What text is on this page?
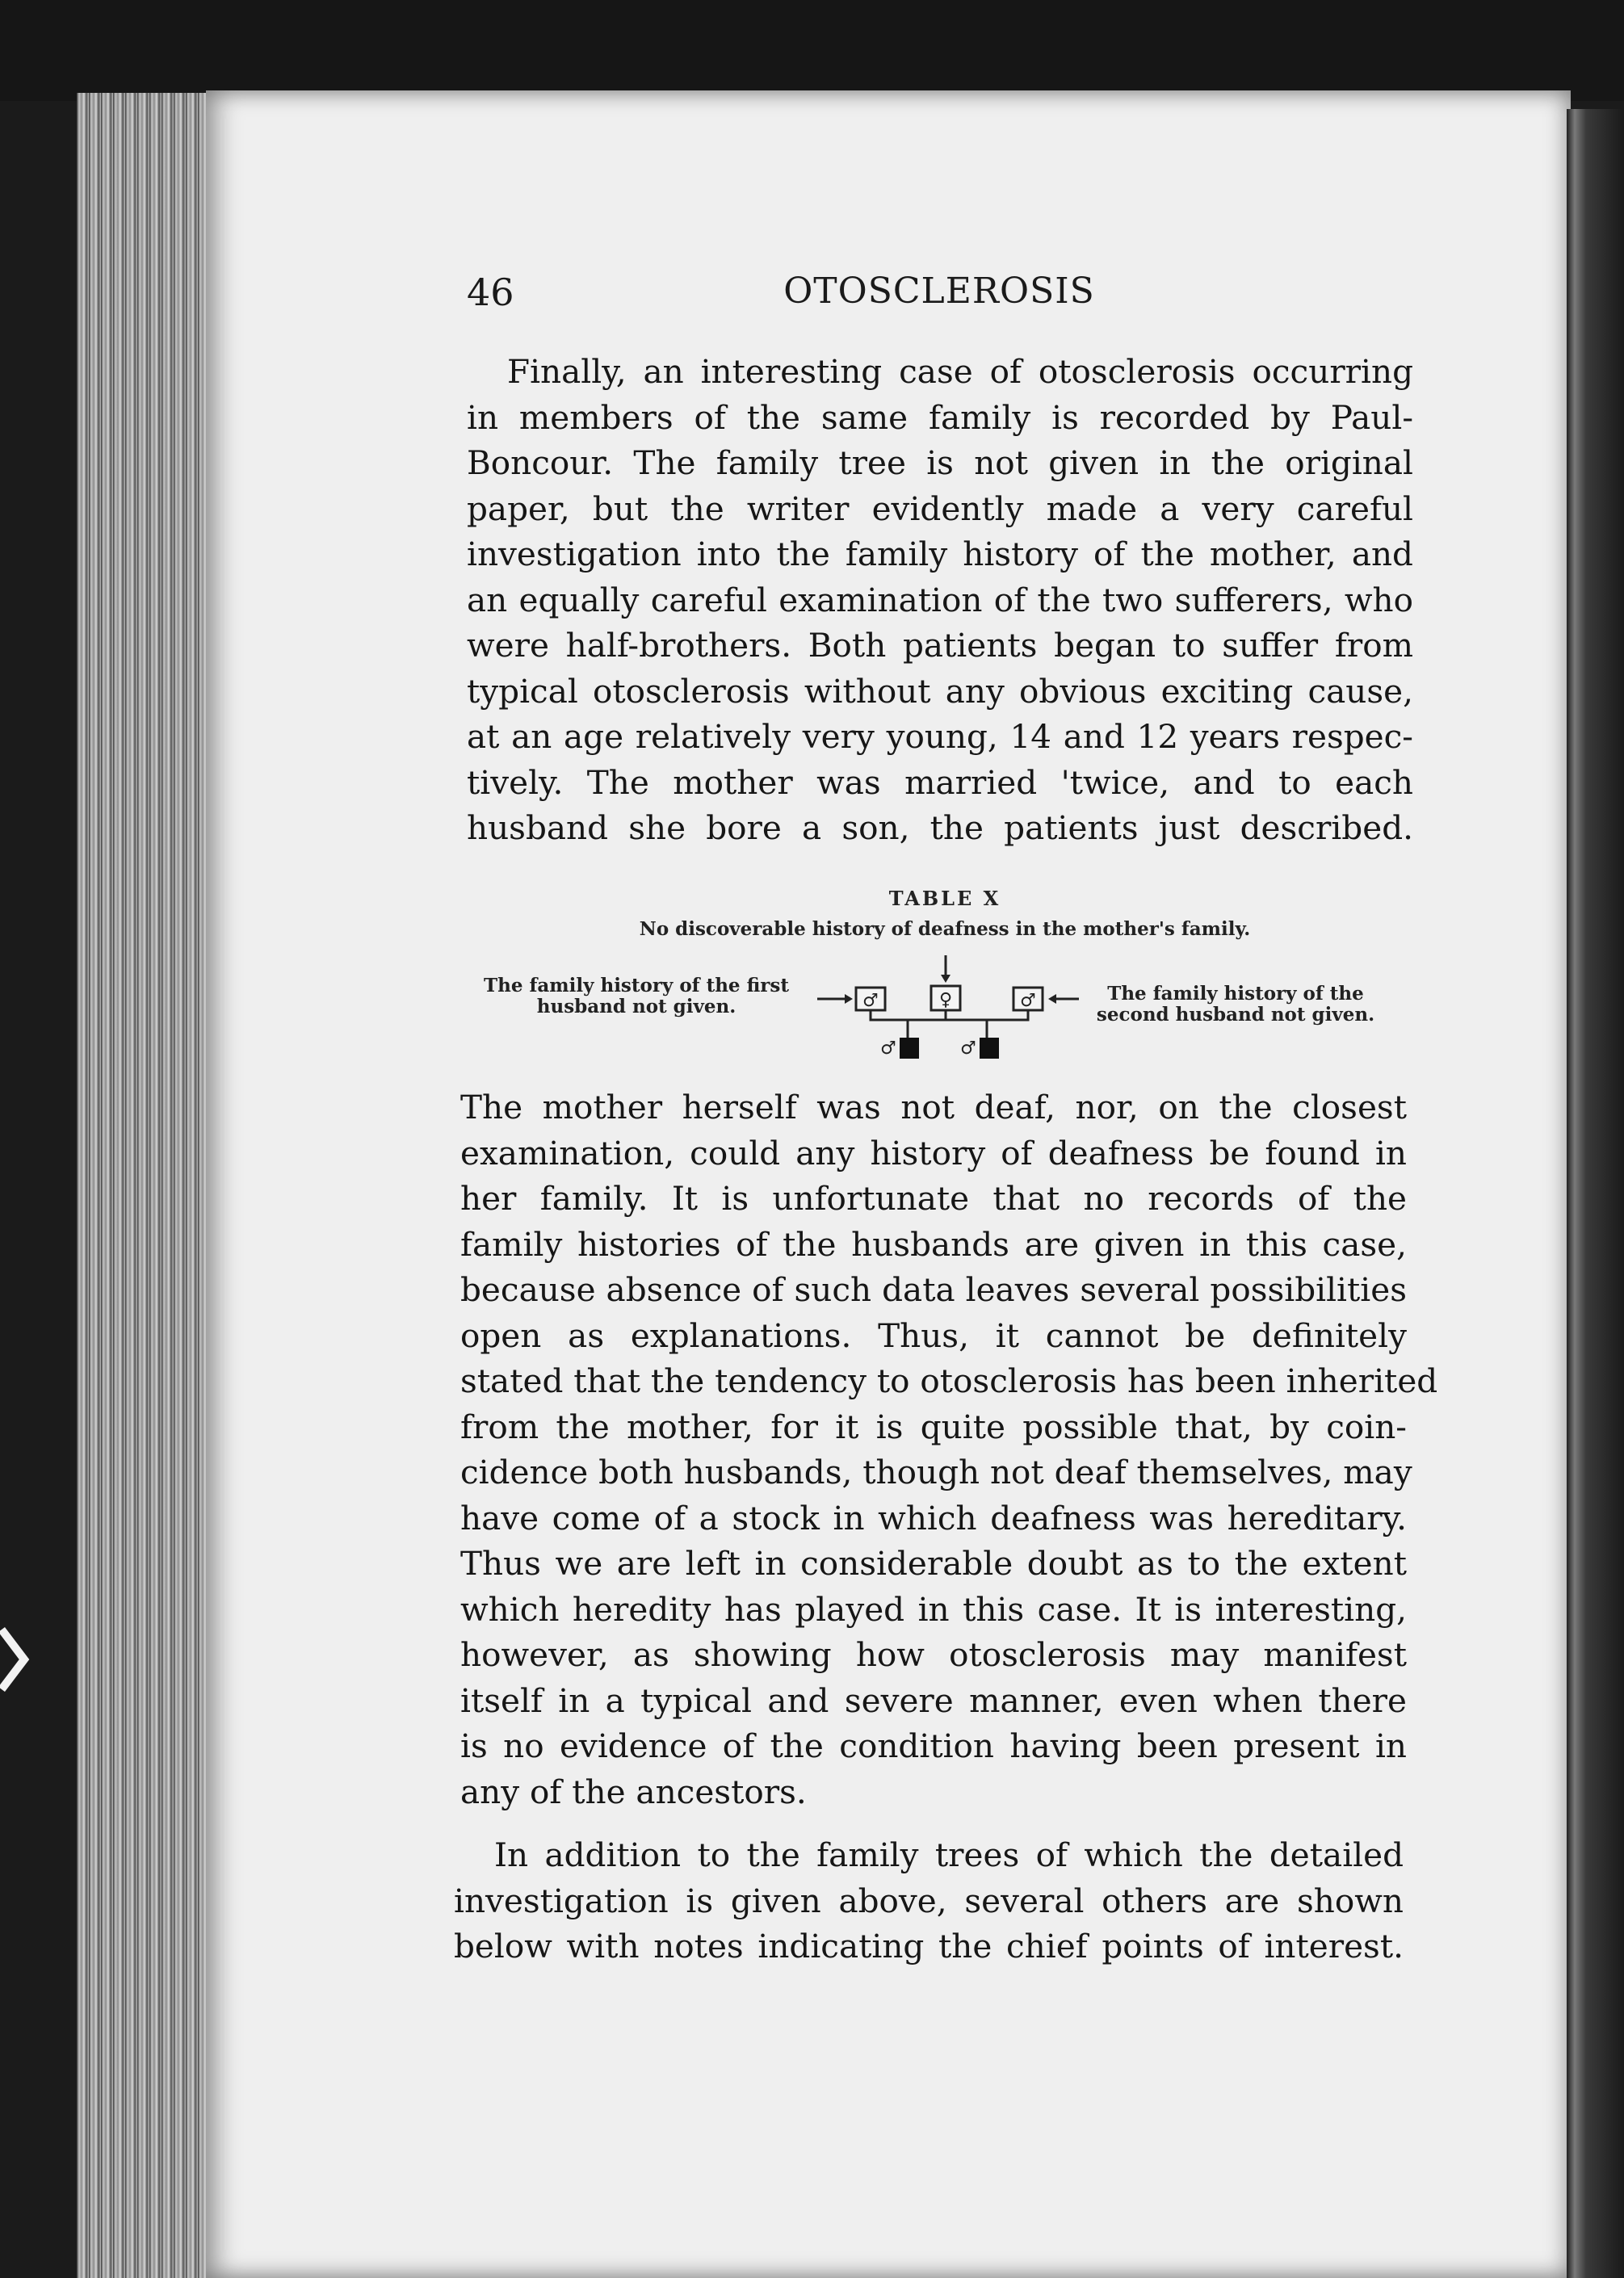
OTOSCLEROSIS
46
Finally, an interesting case of otosclerosis occurring
in members of the same family is recorded by Paul-
Boncour. The family tree is not given in the original
paper, but the writer evidently made a very careful
investigation into the family history of the mother, and
an equally careful examination of the two sufferers, who
were half-brothers. Both patients began to suffer from
typical otosclerosis without any obvious exciting cause,
at an age relatively very young, 14 and 12 years respec-
tively. The mother was married 'twice, and to each
husband she bore a son, the patients just described.
TABLE X
No discoverable history of deafness in the mother's family.
The family history of the first
husband not given.
The family history of the
second husband not given.
♂	♀	♂
♂	♂
The mother herself was not deaf, nor, on the closest
examination, could any history of deafness be found in
her family. It is unfortunate that no records of the
family histories of the husbands are given in this case,
because absence of such data leaves several possibilities
open as explanations. Thus, it cannot be definitely
stated that the tendency to otosclerosis has been inherited
from the mother, for it is quite possible that, by coin-
cidence both husbands, though not deaf themselves, may
have come of a stock in which deafness was hereditary.
Thus we are left in considerable doubt as to the extent
which heredity has played in this case. It is interesting,
however, as showing how otosclerosis may manifest
itself in a typical and severe manner, even when there
is no evidence of the condition having been present in
any of the ancestors.
In addition to the family trees of which the detailed
investigation is given above, several others are shown
below with notes indicating the chief points of interest.
